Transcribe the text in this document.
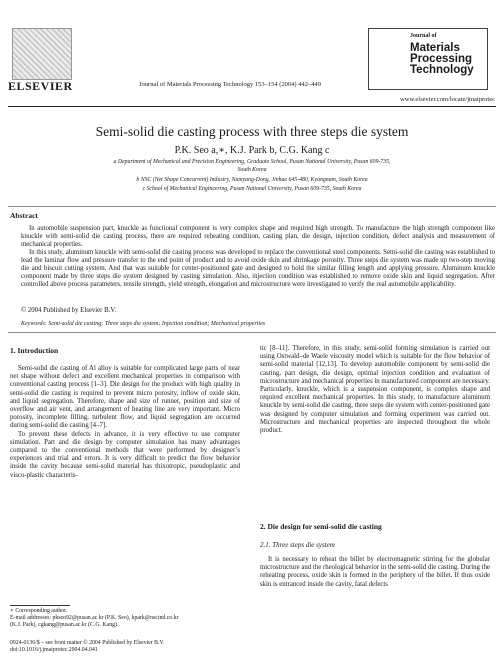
ELSEVIER	Journal of Materials Processing Technology 153–154 (2004) 442–449
Journal of
Materials
Processing
Technology
www.elsevier.com/locate/jmatprotec
Semi-solid die casting process with three steps die system
P.K. Seo a,∗, K.J. Park b, C.G. Kang c
a Department of Mechanical and Precision Engineering, Graduate School, Pusan National University, Pusan 609-735,
South Korea
b NSC (Net Shape Concurrent) Industry, Namyang-Dong, Jinhae 645-480, Kyungnam, South Korea
c School of Mechanical Engineering, Pusan National University, Pusan 609-735, South Korea
Abstract

In automobile suspension part, knuckle as functional component is very complex shape and required high strength. To manufacture the high strength component like knuckle with semi-solid die casting process, there are required reheating condition, casting plan, die design, injection condition, defect analysis and measurement of mechanical properties.

In this study, aluminum knuckle with semi-solid die casting process was developed to replace the conventional steel components. Semi-solid die casting was established to lead the laminar flow and pressure transfer to the end point of product and to avoid oxide skin and shrinkage porosity. Three steps die system was made up two-step moving die and biscuit cutting system. And that was suitable for center-positioned gate and designed to hold the similar filling length and applying pressure. Aluminum knuckle component made by three steps die system designed by casting simulation. Also, injection condition was established to remove oxide skin and liquid segregation. After controlled above process parameters, tensile strength, yield strength, elongation and microstructure were investigated to verify the real automobile applicability.

© 2004 Published by Elsevier B.V.
Keywords: Semi-solid die casting; Three steps die system; Injection condition; Mechanical properties
1. Introduction

Semi-solid die casting of Al alloy is suitable for complicated large parts of near net shape without defect and excellent mechanical properties in comparison with conventional casting process [1–3]. Die design for the product with high quality in semi-solid die casting is required to prevent micro porosity, inflow of oxide skin, and liquid segregation. Therefore, shape and size of runner, position and size of overflow and air vent, and arrangement of heating line are very important. Micro porosity, incomplete filling, turbulent flow, and liquid segregation are occurred during semi-solid die casting [4–7].

To prevent these defects in advance, it is very effective to use computer simulation. Part and die design by computer simulation has many advantages compared to the conventional methods that were performed by designer’s experiences and trial and errors. It is very difficult to predict the flow behavior inside the cavity because semi-solid material has thixotropic, pseudoplastic and visco-plastic characteris-

tic [8–11]. Therefore, in this study, semi-solid forming simulation is carried out using Ostwald–de Waele viscosity model which is suitable for the flow behavior of semi-solid material [12,13]. To develop automobile component by semi-solid die casting, part design, die design, optimal injection condition and evaluation of microstructure and mechanical properties in manufactured component are necessary. Particularly, knuckle, which is a suspension component, is complex shape and required excellent mechanical properties. In this study, to manufacture aluminum knuckle by semi-solid die casting, three steps die system with center-positioned gate was designed by computer simulation and forming experiment was carried out. Microstructure and mechanical properties are inspected throughout the whole product.

2. Die design for semi-solid die casting
2.1. Three steps die system

It is necessary to reheat the billet by electromagnetic stirring for the globular microstructure and the rheological behavior in the semi-solid die casting. During the reheating process, oxide skin is formed in the periphery of the billet. If thus oxide skin is entranced inside the cavity, fatal defects

∗ Corresponding author.
E-mail addresses: pkseo92@pusan.ac.kr (P.K. Seo), kpark@nscind.co.kr
(K.J. Park), cgkang@pusan.ac.kr (C.G. Kang).
0924-0136/$ – see front matter © 2004 Published by Elsevier B.V.
doi:10.1016/j.jmatprotec.2004.04.041
